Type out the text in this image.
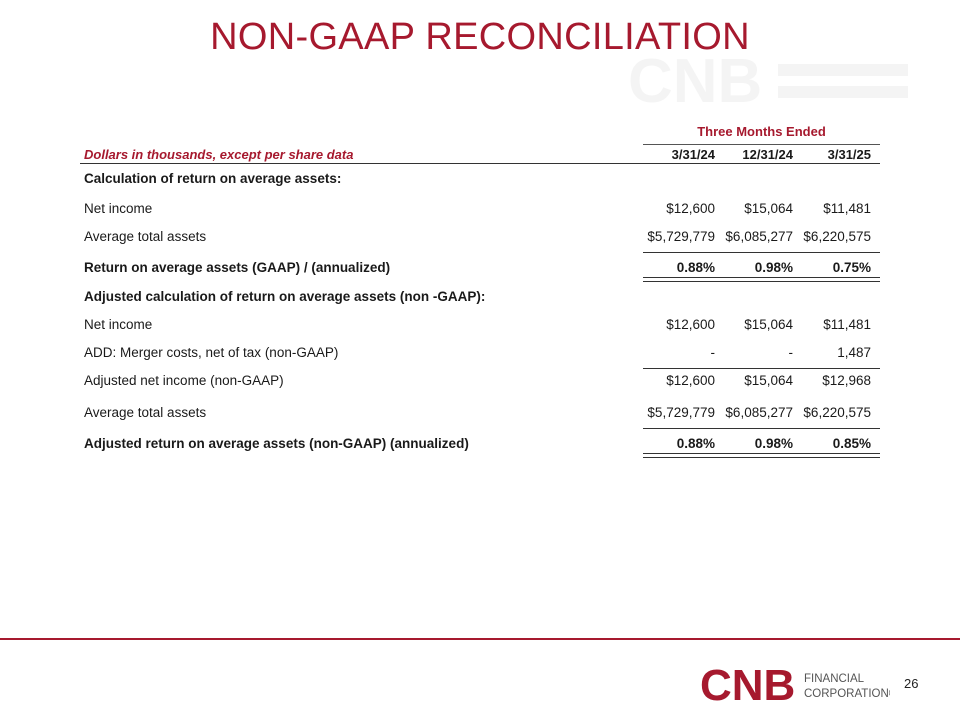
NON-GAAP RECONCILIATION
CNB
Three Months Ended
Dollars in thousands, except per share data	3/31/24	12/31/24	3/31/25
Calculation of return on average assets:
Net income	$12,600	$15,064	$11,481
Average total assets	$5,729,779 $6,085,277 $6,220,575
Return on average assets (GAAP) / (annualized)	0.88%	0.98%	0.75%
Adjusted calculation of return on average assets (non -GAAP):
Net income	$12,600	$15,064	$11,481
ADD: Merger costs, net of tax (non-GAAP)	-	-	1,487
Adjusted net income (non-GAAP)	$12,600	$15,064	$12,968
Average total assets	$5,729,779 $6,085,277 $6,220,575
Adjusted return on average assets (non-GAAP) (annualized)	0.88%	0.98%	0.85%
CNB FINANCIAL
CORPORATION®
26
